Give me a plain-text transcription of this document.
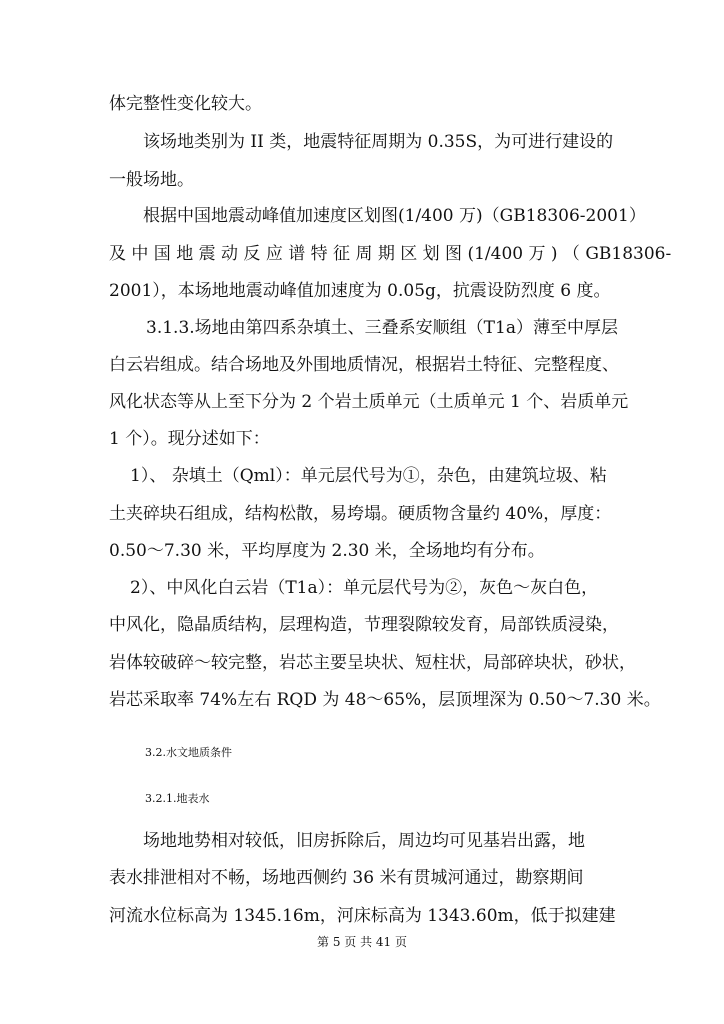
体完整性变化较大。
该场地类别为 II 类，地震特征周期为 0.35S，为可进行建设的
一般场地。
根据中国地震动峰值加速度区划图(1/400 万)（GB18306-2001）
及 中 国 地 震 动 反 应 谱 特 征 周 期 区 划 图 (1/400 万 ) （ GB18306-
2001），本场地地震动峰值加速度为 0.05g，抗震设防烈度 6 度。
3.1.3.场地由第四系杂填土、三叠系安顺组（T1a）薄至中厚层
白云岩组成。结合场地及外围地质情况，根据岩土特征、完整程度、
风化状态等从上至下分为 2 个岩土质单元（土质单元 1 个、岩质单元
1 个）。现分述如下：
1）、 杂填土（Qml）：单元层代号为①，杂色，由建筑垃圾、粘
土夹碎块石组成，结构松散，易垮塌。硬质物含量约 40%，厚度：
0.50～7.30 米，平均厚度为 2.30 米，全场地均有分布。
2）、中风化白云岩（T1a）：单元层代号为②，灰色～灰白色，
中风化，隐晶质结构，层理构造，节理裂隙较发育，局部铁质浸染，
岩体较破碎～较完整，岩芯主要呈块状、短柱状，局部碎块状，砂状，
岩芯采取率 74%左右 RQD 为 48～65%，层顶埋深为 0.50～7.30 米。
3.2.水文地质条件
3.2.1.地表水
场地地势相对较低，旧房拆除后，周边均可见基岩出露，地
表水排泄相对不畅，场地西侧约 36 米有贯城河通过，勘察期间
河流水位标高为 1345.16m，河床标高为 1343.60m，低于拟建建
第 5 页 共 41 页
